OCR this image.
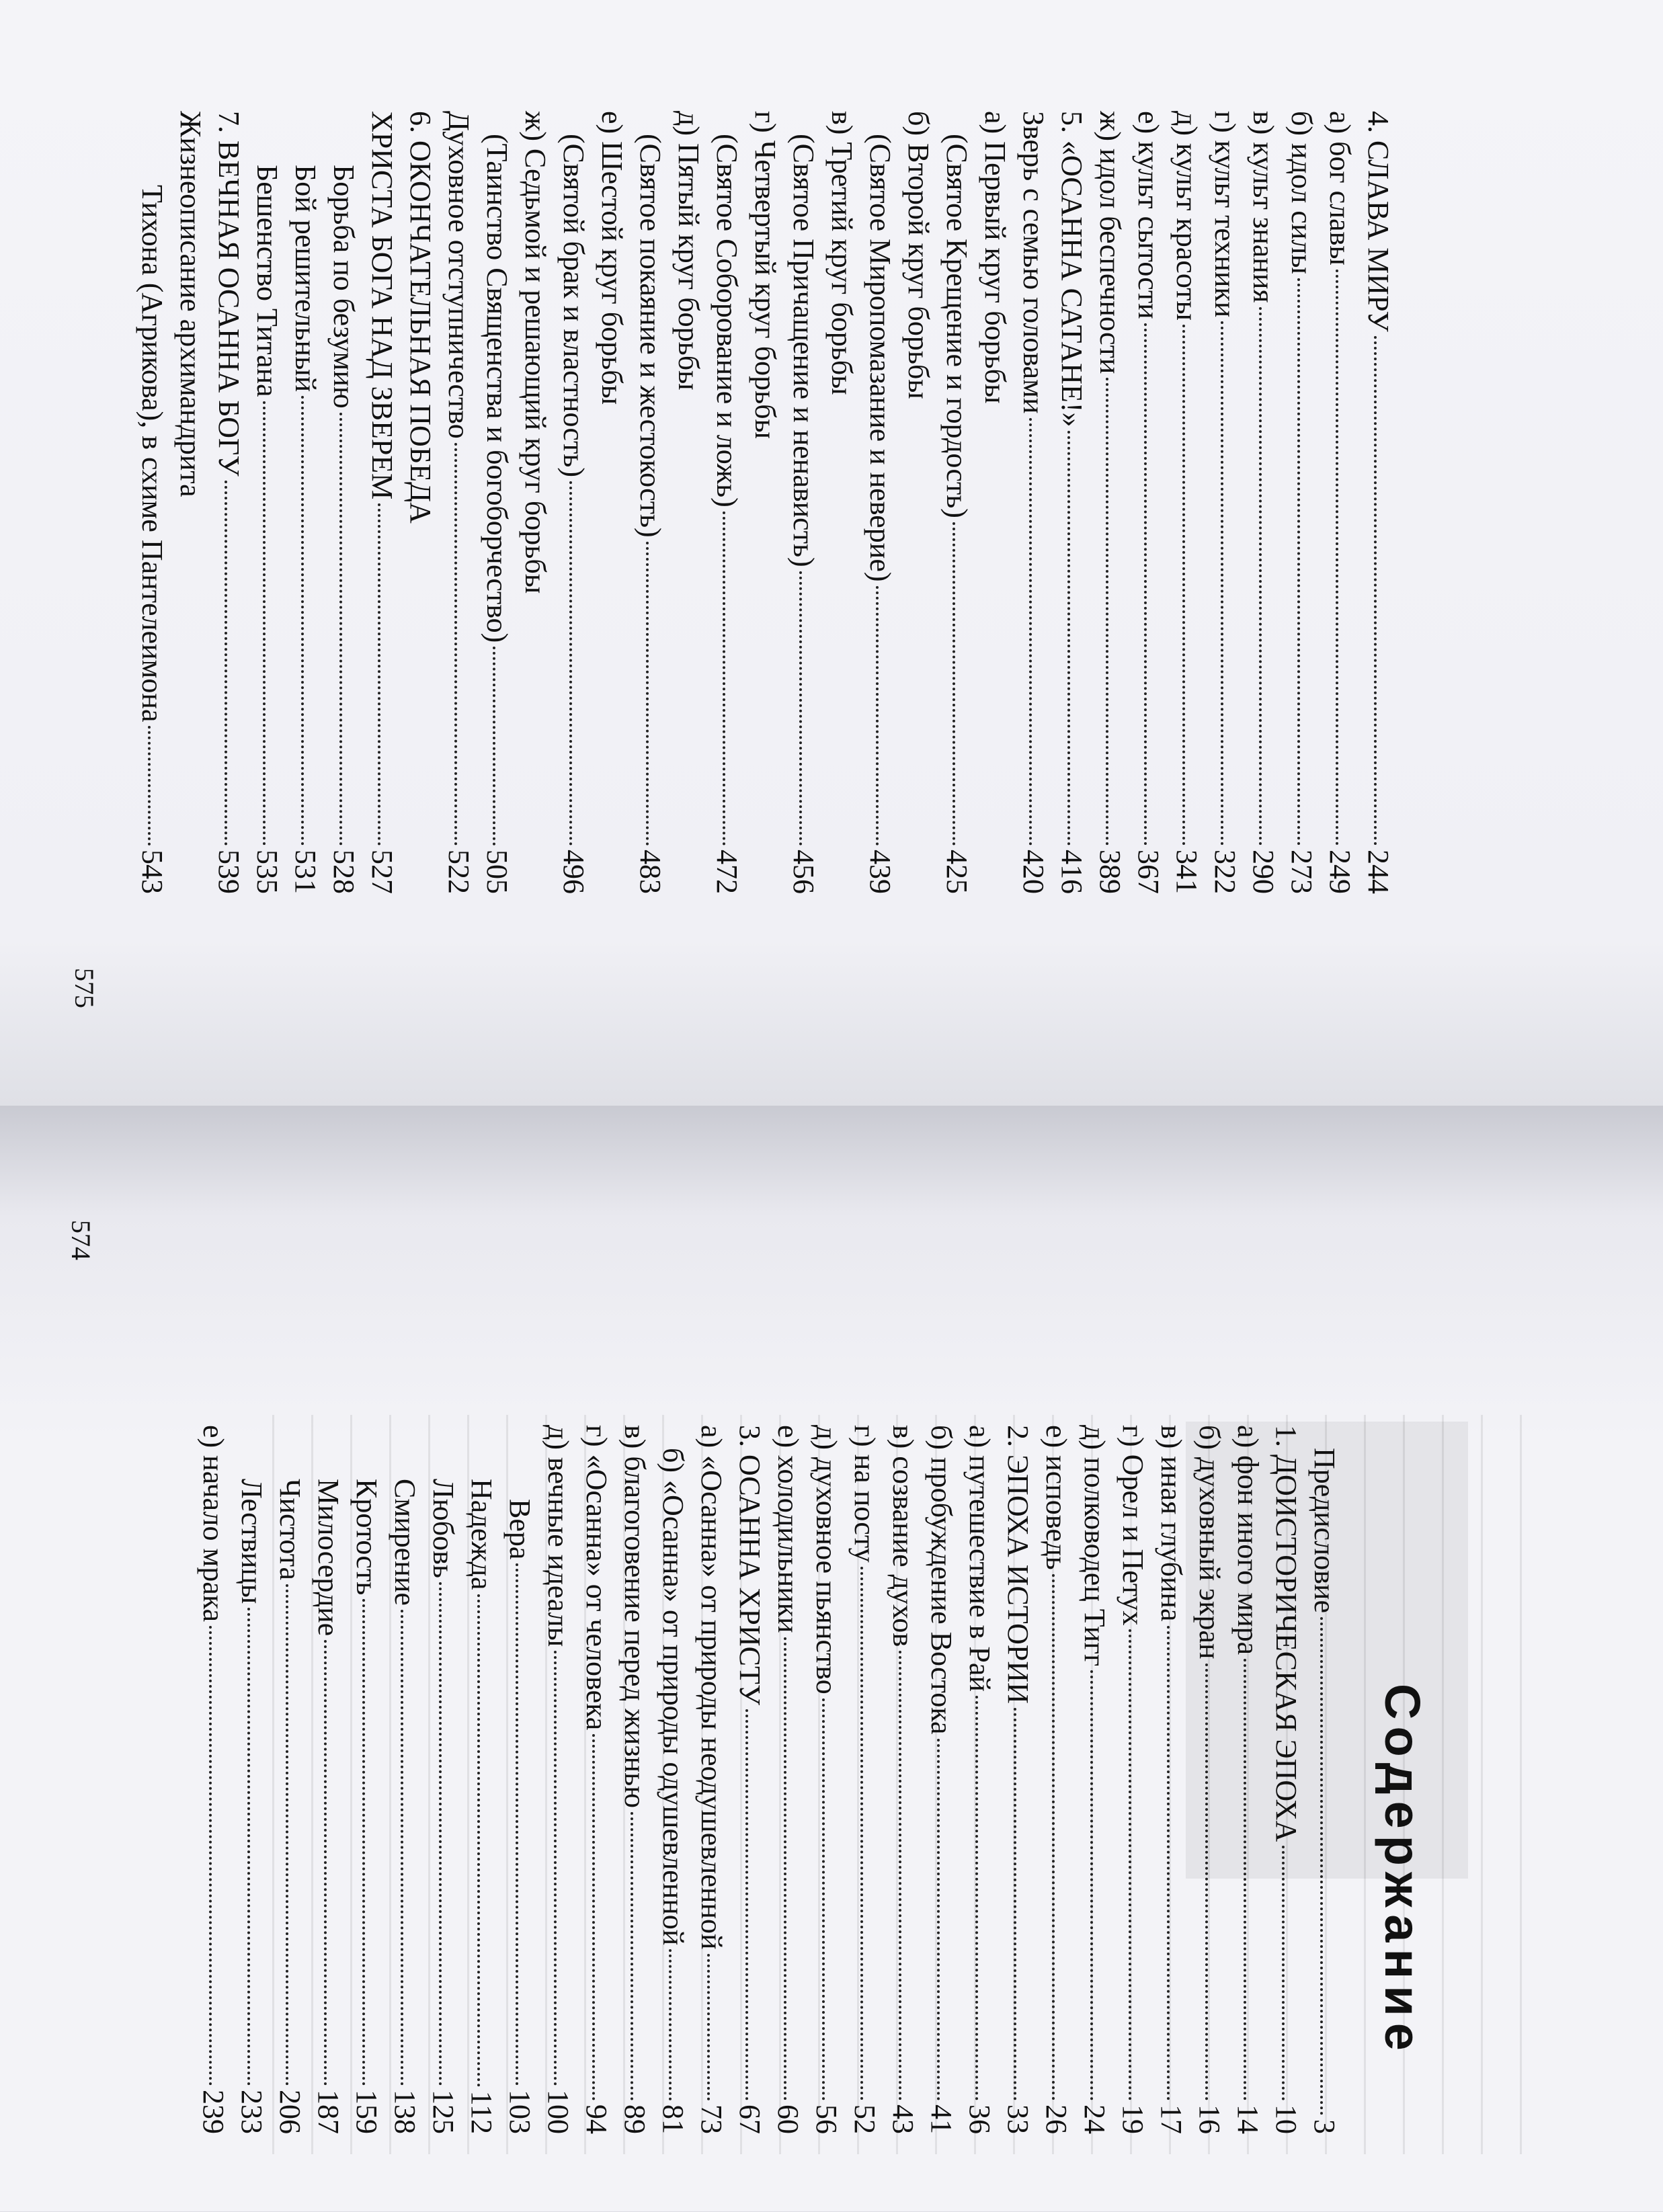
4. СЛАВА МИРУ
244
а) бог славы
249
б) идол силы
273
в) культ знания
290
г) культ техники
322
д) культ красоты
341
е) культ сытости
367
ж) идол беспечности
389
5. «ОСАННА САТАНЕ!»
416
Зверь с семью головами
420
а) Первый круг борьбы
(Святое Крещение и гордость)
425
б) Второй круг борьбы
(Святое Миропомазание и неверие)
439
в) Третий круг борьбы
(Святое Причащение и ненависть)
456
г) Четвертый круг борьбы
(Святое Соборование и ложь)
472
д) Пятый круг борьбы
(Святое покаяние и жестокость)
483
е) Шестой круг борьбы
(Святой брак и властность)
496
ж) Седьмой и решающий круг борьбы
(Таинство Священства и богоборчество)
505
Духовное отступничество
522
6. ОКОНЧАТЕЛЬНАЯ ПОБЕДА
ХРИСТА БОГА НАД ЗВЕРЕМ
527
Борьба по безумию
528
Бой решительный
531
Бешенство Титана
535
7. ВЕЧНАЯ ОСАННА БОГУ
539
Жизнеописание архимандрита
Тихона (Агрикова), в схиме Пантелеимона
543
575
Содержание
Предисловие
3
1. ДОИСТОРИЧЕСКАЯ ЭПОХА
10
а) фон иного мира
14
б) духовный экран
16
в) иная глубина
17
г) Орел и Петух
19
д) полководец Тигг
24
е) исповедь
26
2. ЭПОХА ИСТОРИИ
33
а) путешествие в Рай
36
б) пробуждение Востока
41
в) созвание духов
43
г) на посту
52
д) духовное пьянство
56
е) холодильники
60
3. ОСАННА ХРИСТУ
67
а) «Осанна» от природы неодушевленной
73
б) «Осанна» от природы одушевленной
81
в) благоговение перед жизнью
89
г) «Осанна» от человека
94
д) вечные идеалы
100
Вера
103
Надежда
112
Любовь
125
Смирение
138
Кротость
159
Милосердие
187
Чистота
206
Лествицы
233
е) начало мрака
239
574
